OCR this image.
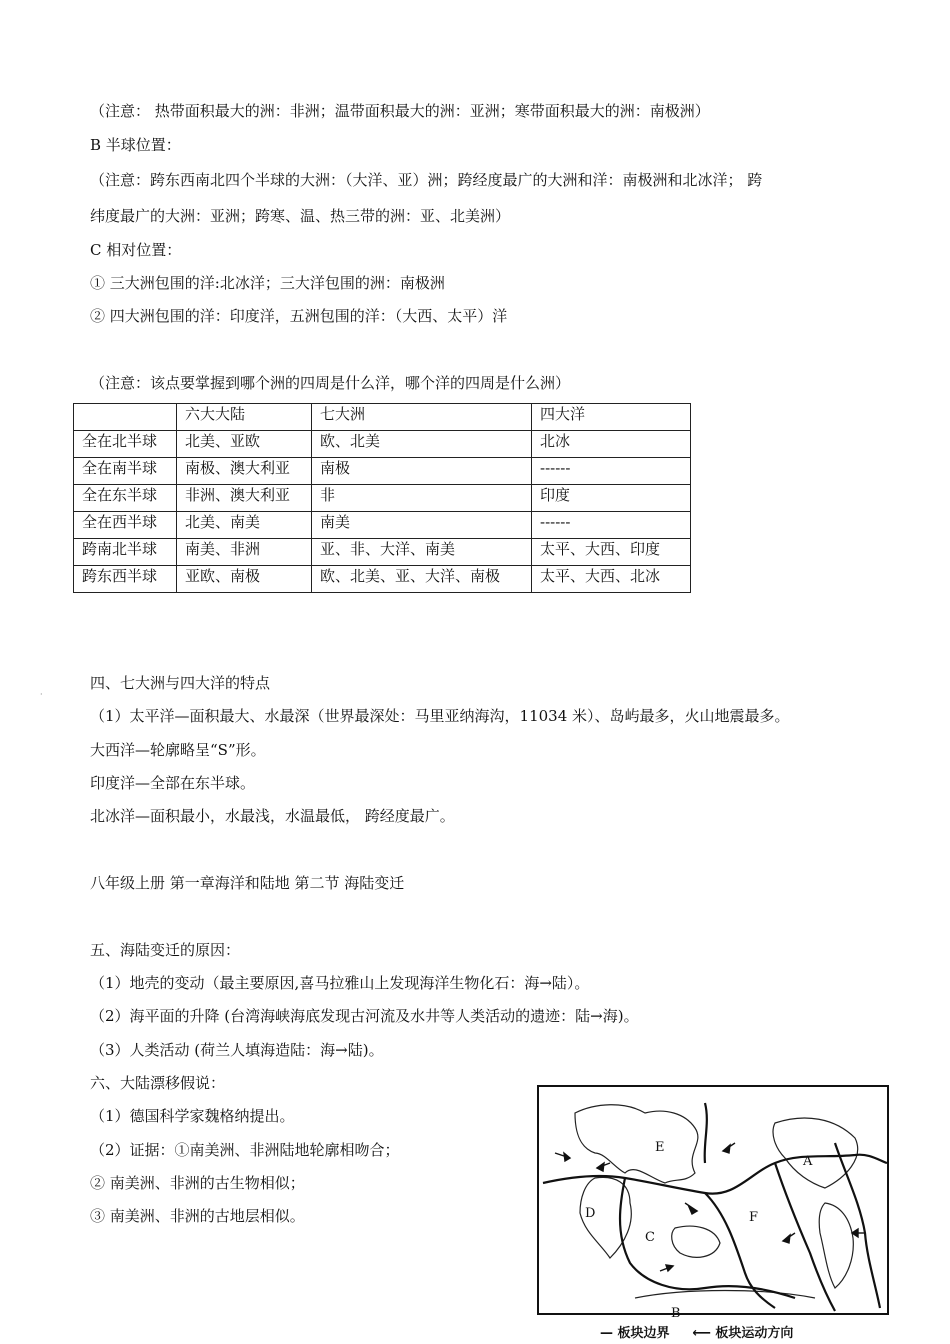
（注意： 热带面积最大的洲：非洲；温带面积最大的洲：亚洲；寒带面积最大的洲：南极洲）
B 半球位置：
（注意：跨东西南北四个半球的大洲：（大洋、亚）洲；跨经度最广的大洲和洋：南极洲和北冰洋； 跨
纬度最广的大洲：亚洲；跨寒、温、热三带的洲：亚、北美洲）
C 相对位置：
① 三大洲包围的洋:北冰洋；三大洋包围的洲：南极洲
② 四大洲包围的洋：印度洋，五洲包围的洋：（大西、太平）洋
（注意：该点要掌握到哪个洲的四周是什么洋，哪个洋的四周是什么洲）
	六大大陆	七大洲	四大洋
全在北半球	北美、亚欧	欧、北美	北冰
全在南半球	南极、澳大利亚	南极	------
全在东半球	非洲、澳大利亚	非	印度
全在西半球	北美、南美	南美	------
跨南北半球	南美、非洲	亚、非、大洋、南美	太平、大西、印度
跨东西半球	亚欧、南极	欧、北美、亚、大洋、南极	太平、大西、北冰
·
四、七大洲与四大洋的特点
（1）太平洋—面积最大、水最深（世界最深处：马里亚纳海沟，11034 米）、岛屿最多，火山地震最多。
大西洋—轮廓略呈“S”形。
印度洋—全部在东半球。
北冰洋—面积最小，水最浅，水温最低， 跨经度最广。
八年级上册 第一章海洋和陆地 第二节 海陆变迁
五、海陆变迁的原因：
（1）地壳的变动（最主要原因,喜马拉雅山上发现海洋生物化石：海→陆）。
（2）海平面的升降 (台湾海峡海底发现古河流及水井等人类活动的遗迹：陆→海)。
（3）人类活动 (荷兰人填海造陆：海→陆)。
六、大陆漂移假说：
（1）德国科学家魏格纳提出。
（2）证据：①南美洲、非洲陆地轮廓相吻合；
② 南美洲、非洲的古生物相似；
③ 南美洲、非洲的古地层相似。
E
A
D	F
C
B
— 板块边界 ⟵ 板块运动方向
